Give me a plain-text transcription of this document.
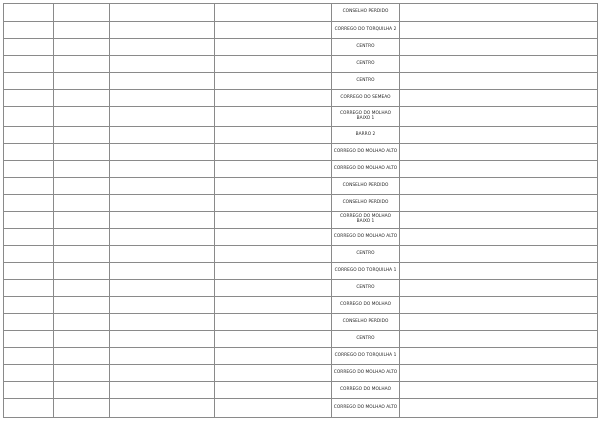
				CONSELHO PERDIDO	
				CORREGO DO TORQUILHA 2	
				CENTRO	
				CENTRO	
				CENTRO	
				CORREGO DO SEMEAO	
				CORREGO DO MOLHAO BAIXO 1	
				BARRO 2	
				CORREGO DO MOLHAO ALTO	
				CORREGO DO MOLHAO ALTO	
				CONSELHO PERDIDO	
				CONSELHO PERDIDO	
				CORREGO DO MOLHAO BAIXO 1	
				CORREGO DO MOLHAO ALTO	
				CENTRO	
				CORREGO DO TORQUILHA 1	
				CENTRO	
				CORREGO DO MOLHAO	
				CONSELHO PERDIDO	
				CENTRO	
				CORREGO DO TORQUILHA 1	
				CORREGO DO MOLHAO ALTO	
				CORREGO DO MOLHAO	
				CORREGO DO MOLHAO ALTO	
